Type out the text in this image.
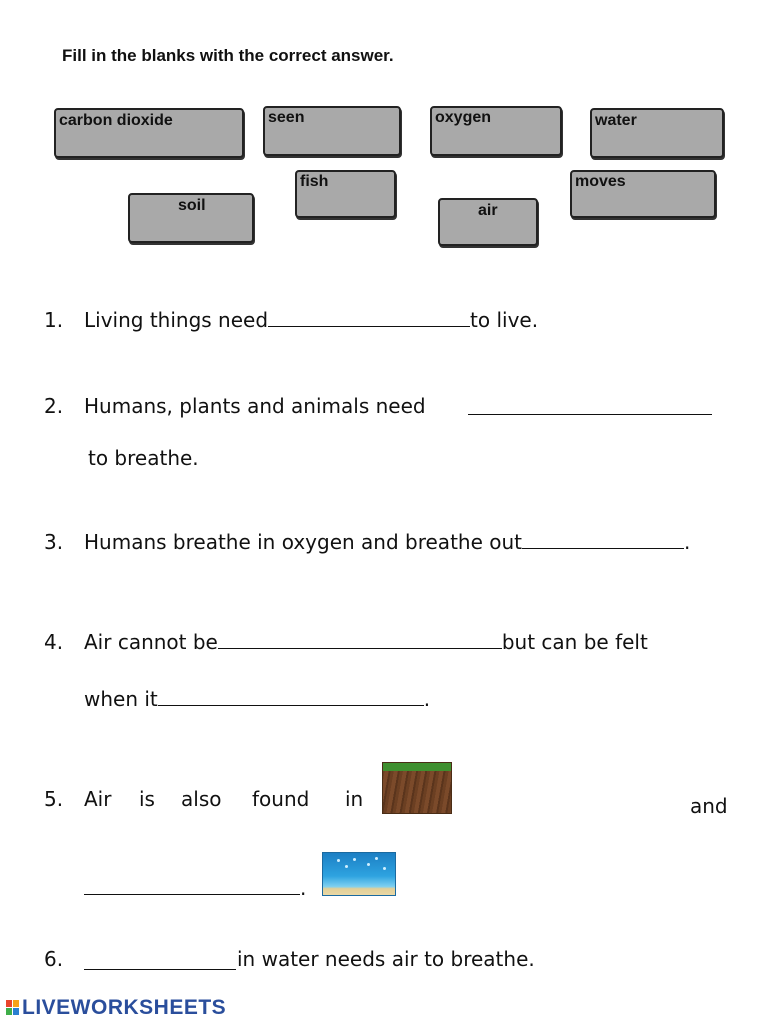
Fill in the blanks with the correct answer.
carbon dioxide	seen	oxygen	water
soil
fish
air
moves
1. Living things need	to live.
2. Humans, plants and animals need
to breathe.
3. Humans breathe in oxygen and breathe out	.
4. Air cannot be	but can be felt
when it	.
5. Air is also found in	and
.
6.	in water needs air to breathe.
LIVEWORKSHEETS
